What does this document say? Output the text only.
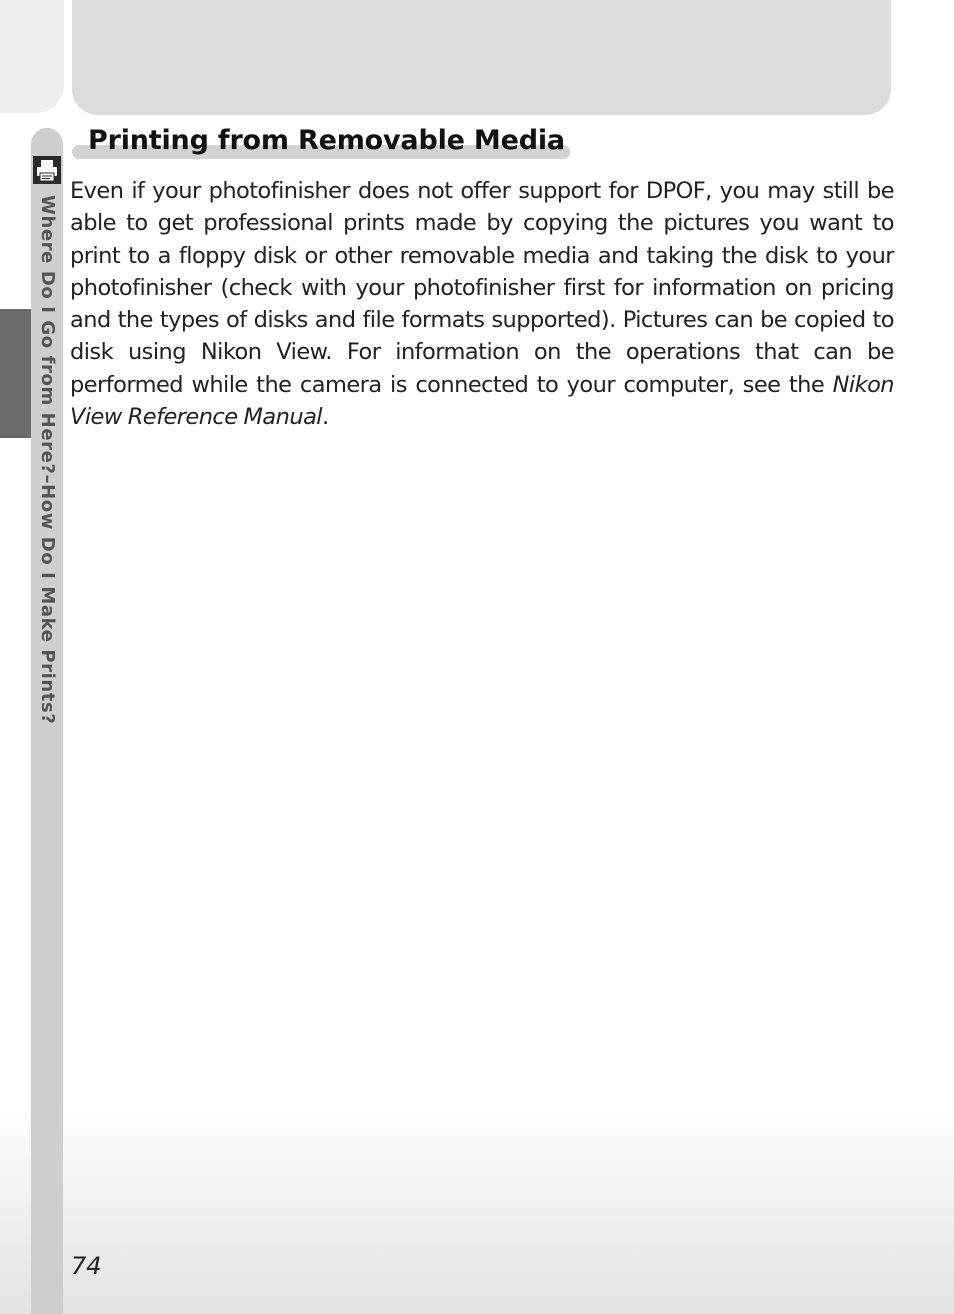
Where Do I Go from Here?–How Do I Make Prints?
Printing from Removable Media

Even if your photofinisher does not offer support for DPOF, you may still be able to get professional prints made by copying the pictures you want to print to a floppy disk or other removable media and taking the disk to your photofinisher (check with your photofinisher first for information on pricing and the types of disks and file formats supported). Pictures can be copied to disk using Nikon View. For information on the operations that can be performed while the camera is connected to your computer, see the Nikon View Reference Manual.

74
